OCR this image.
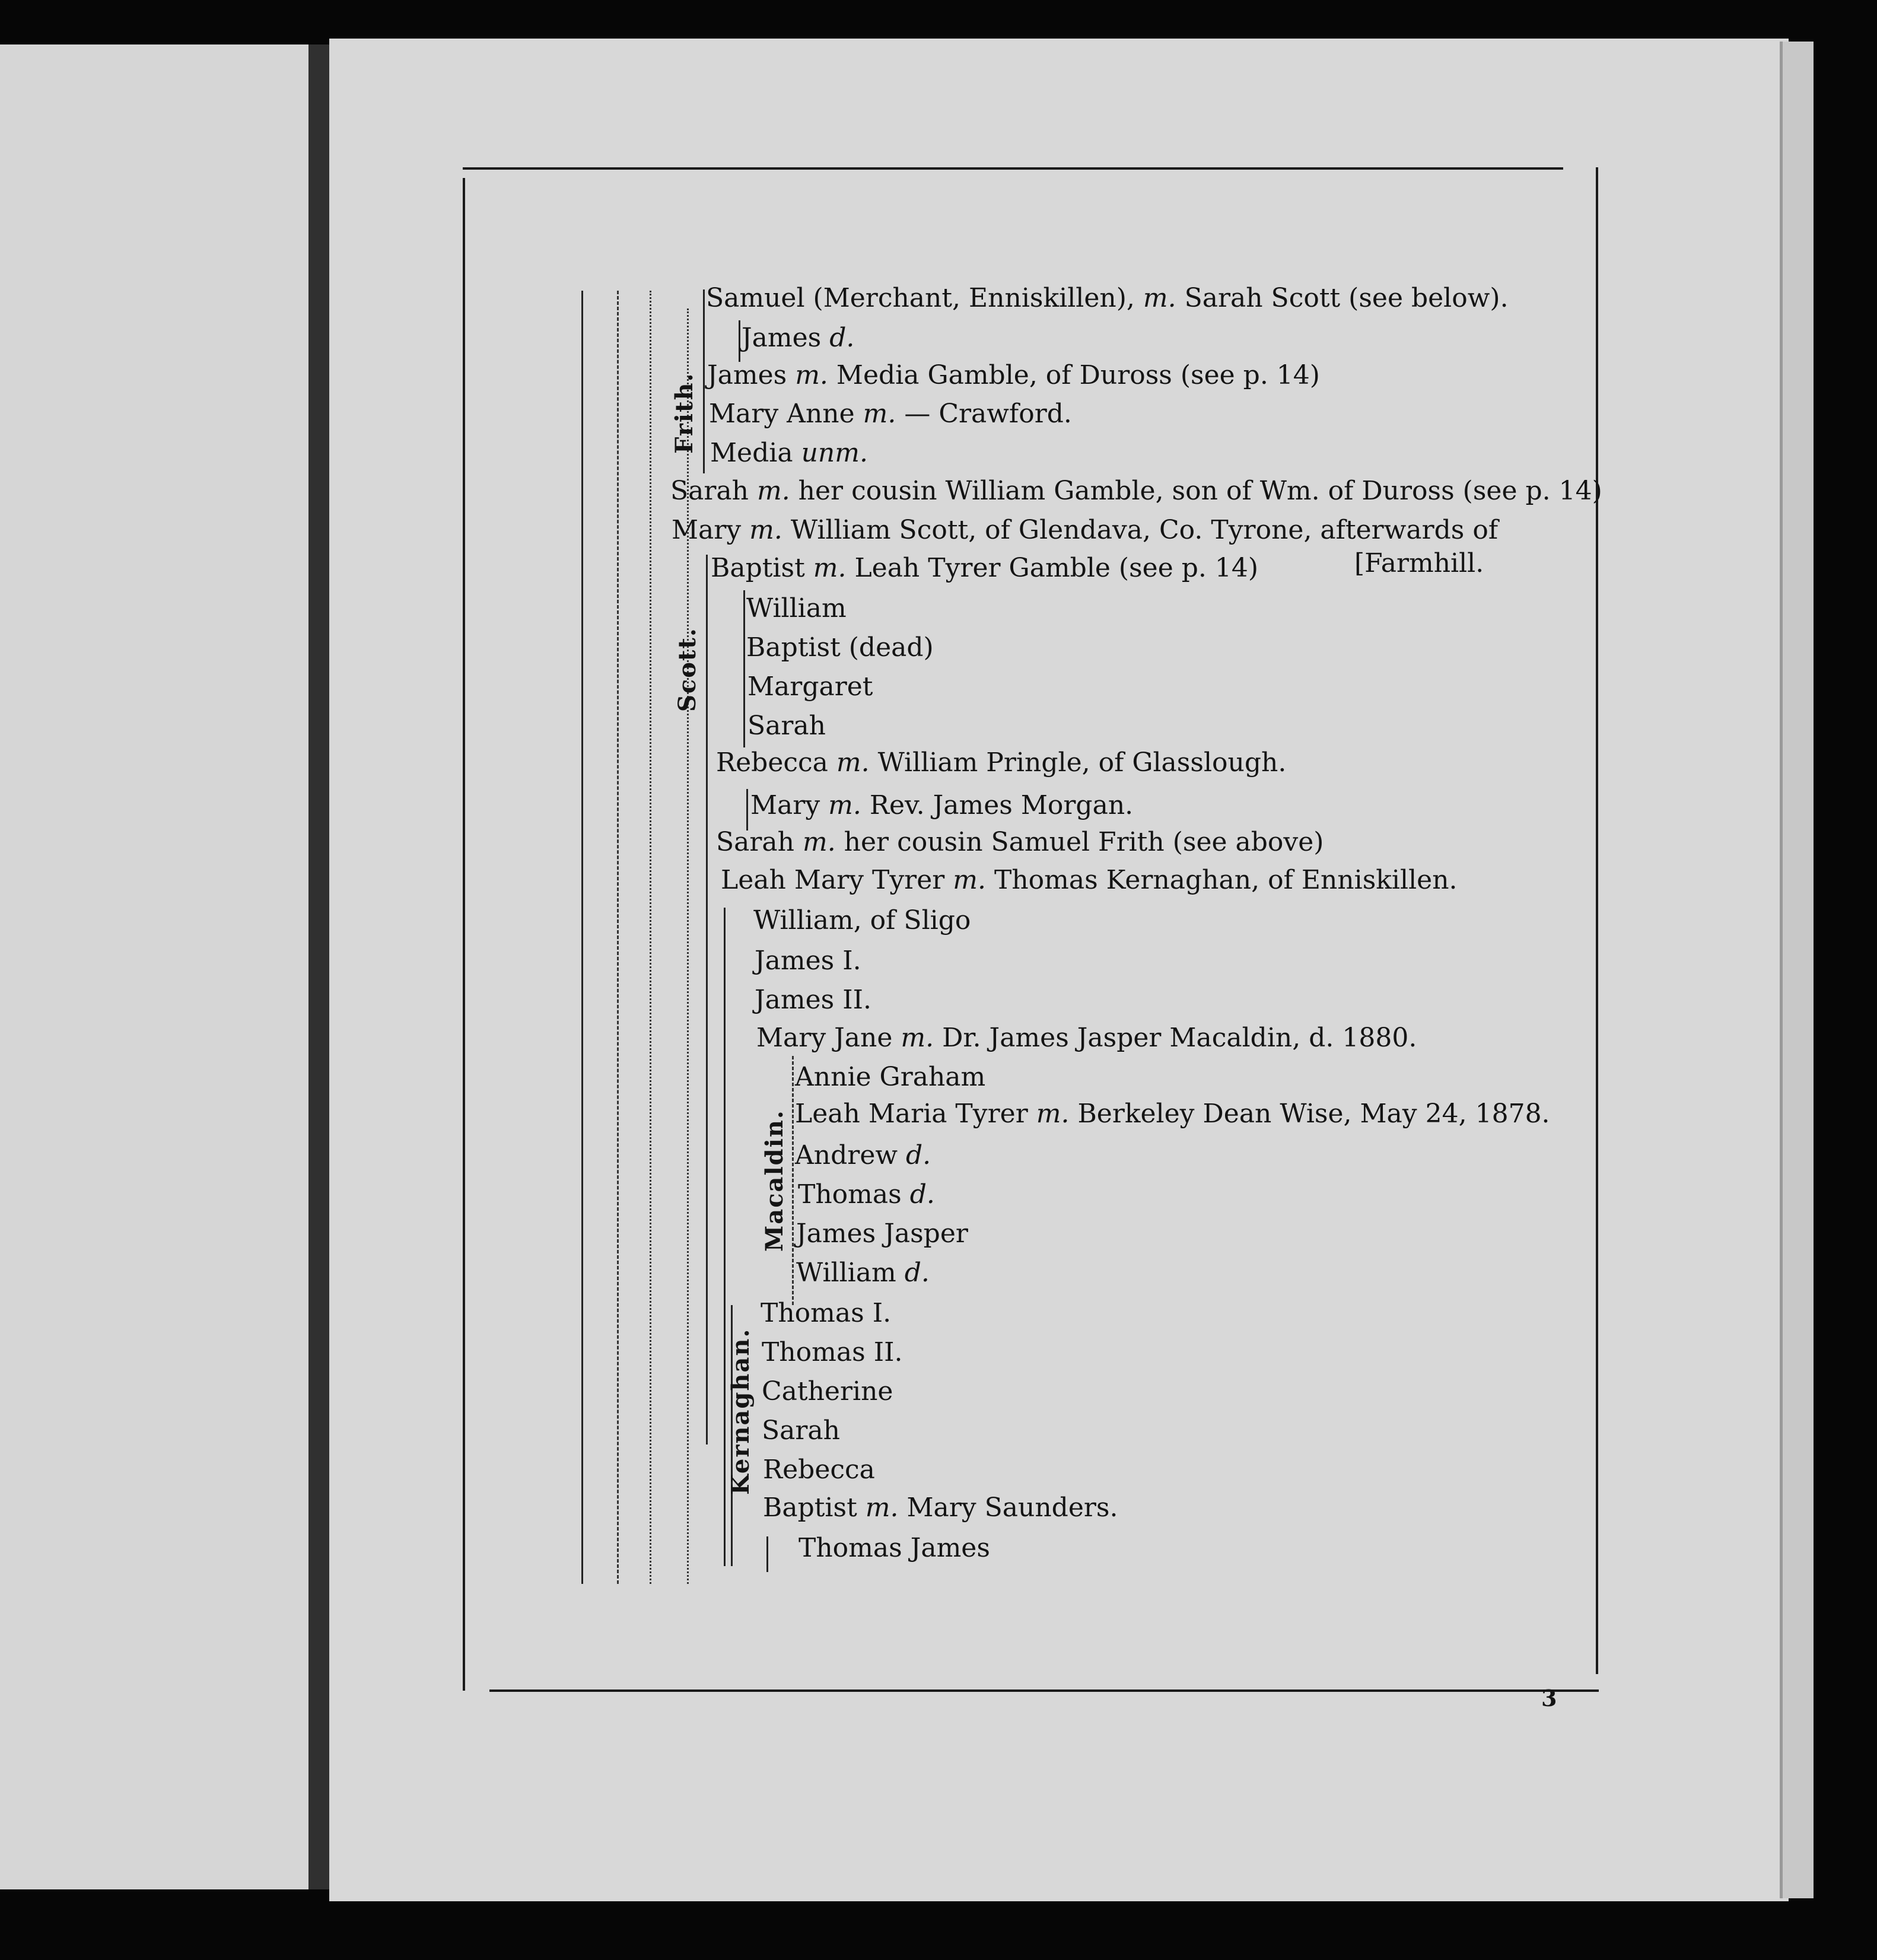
Frith.
Scott.
Kernaghan.
Macaldin.
Samuel (Merchant, Enniskillen), m. Sarah Scott (see below).
James d.
James m. Media Gamble, of Duross (see p. 14)
Mary Anne m. — Crawford.
Media unm.
Sarah m. her cousin William Gamble, son of Wm. of Duross (see p. 14)
Mary m. William Scott, of Glendava, Co. Tyrone, afterwards of
Baptist m. Leah Tyrer Gamble (see p. 14)	[Farmhill.
William
Baptist (dead)
Margaret
Sarah
Rebecca m. William Pringle, of Glasslough.
Mary m. Rev. James Morgan.
Sarah m. her cousin Samuel Frith (see above)
Leah Mary Tyrer m. Thomas Kernaghan, of Enniskillen.
William, of Sligo
James I.
James II.
Mary Jane m. Dr. James Jasper Macaldin, d. 1880.
Annie Graham
Leah Maria Tyrer m. Berkeley Dean Wise, May 24, 1878.
Andrew d.
Thomas d.
James Jasper
William d.
Thomas I.
Thomas II.
Catherine
Sarah
Rebecca
Baptist m. Mary Saunders.
Thomas James
3
